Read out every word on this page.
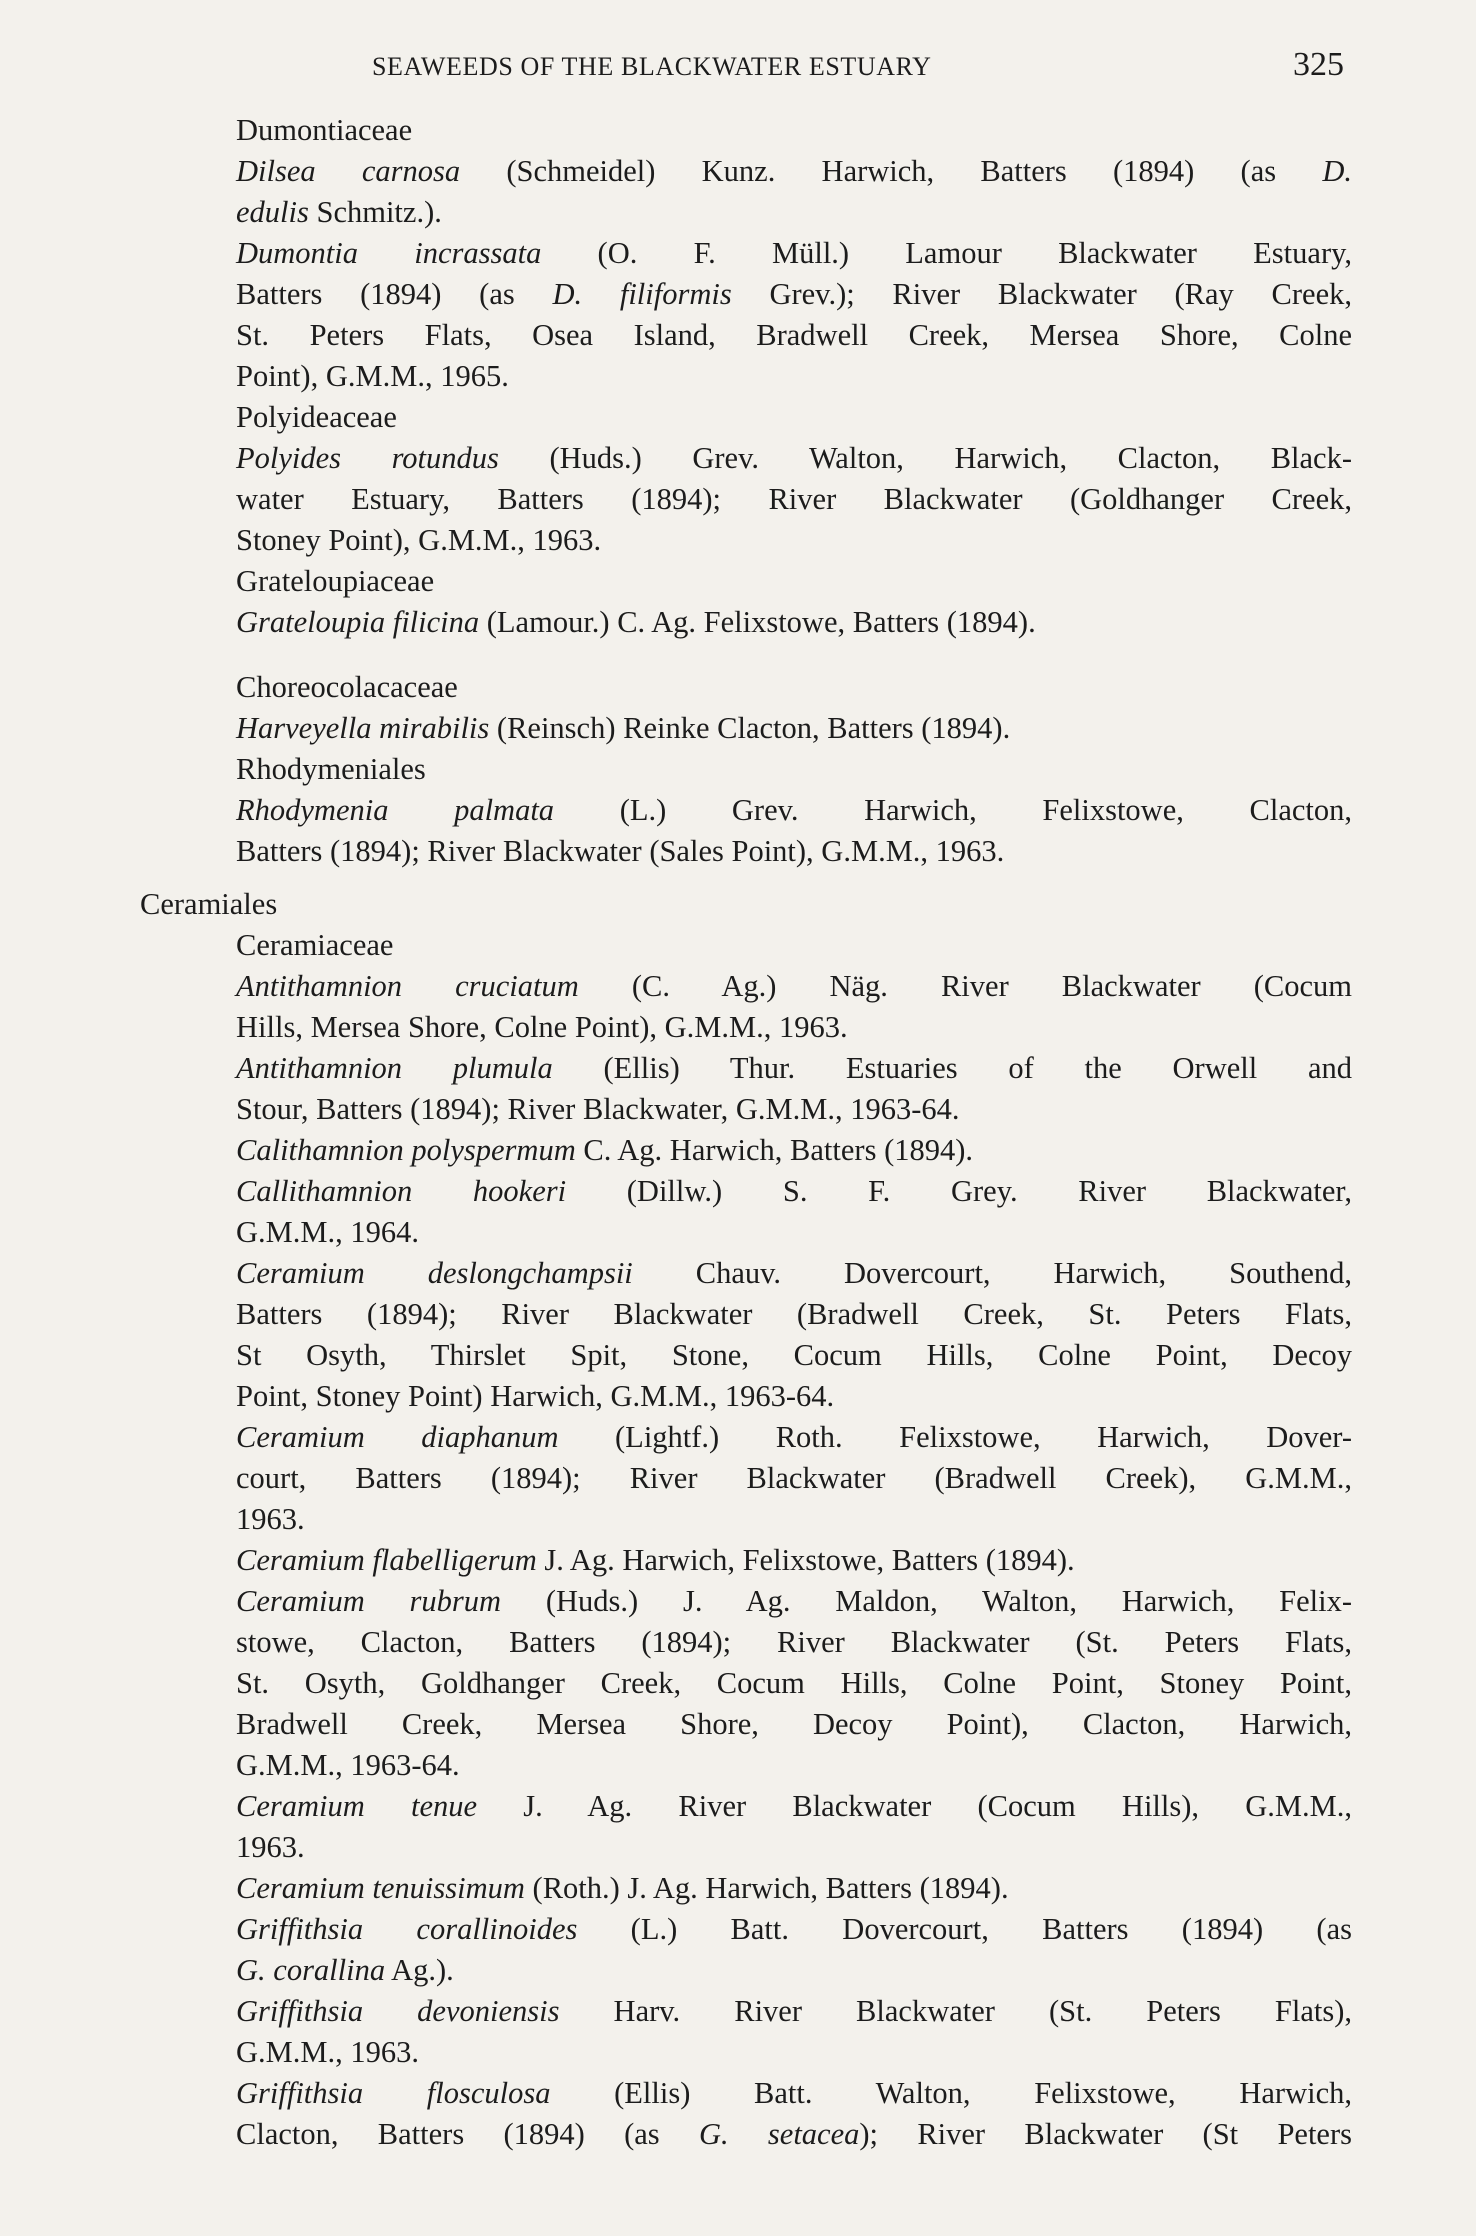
SEAWEEDS OF THE BLACKWATER ESTUARY	325
Dumontiaceae
Dilsea carnosa (Schmeidel) Kunz. Harwich, Batters (1894) (as D.
edulis Schmitz.).
Dumontia incrassata (O. F. Müll.) Lamour Blackwater Estuary,
Batters (1894) (as D. filiformis Grev.); River Blackwater (Ray Creek,
St. Peters Flats, Osea Island, Bradwell Creek, Mersea Shore, Colne
Point), G.M.M., 1965.
Polyideaceae
Polyides rotundus (Huds.) Grev. Walton, Harwich, Clacton, Black-
water Estuary, Batters (1894); River Blackwater (Goldhanger Creek,
Stoney Point), G.M.M., 1963.
Grateloupiaceae
Grateloupia filicina (Lamour.) C. Ag. Felixstowe, Batters (1894).
Choreocolacaceae
Harveyella mirabilis (Reinsch) Reinke Clacton, Batters (1894).
Rhodymeniales
Rhodymenia palmata (L.) Grev. Harwich, Felixstowe, Clacton,
Batters (1894); River Blackwater (Sales Point), G.M.M., 1963.
Ceramiales
Ceramiaceae
Antithamnion cruciatum (C. Ag.) Näg. River Blackwater (Cocum
Hills, Mersea Shore, Colne Point), G.M.M., 1963.
Antithamnion plumula (Ellis) Thur. Estuaries of the Orwell and
Stour, Batters (1894); River Blackwater, G.M.M., 1963-64.
Calithamnion polyspermum C. Ag. Harwich, Batters (1894).
Callithamnion hookeri (Dillw.) S. F. Grey. River Blackwater,
G.M.M., 1964.
Ceramium deslongchampsii Chauv. Dovercourt, Harwich, Southend,
Batters (1894); River Blackwater (Bradwell Creek, St. Peters Flats,
St Osyth, Thirslet Spit, Stone, Cocum Hills, Colne Point, Decoy
Point, Stoney Point) Harwich, G.M.M., 1963-64.
Ceramium diaphanum (Lightf.) Roth. Felixstowe, Harwich, Dover-
court, Batters (1894); River Blackwater (Bradwell Creek), G.M.M.,
1963.
Ceramium flabelligerum J. Ag. Harwich, Felixstowe, Batters (1894).
Ceramium rubrum (Huds.) J. Ag. Maldon, Walton, Harwich, Felix-
stowe, Clacton, Batters (1894); River Blackwater (St. Peters Flats,
St. Osyth, Goldhanger Creek, Cocum Hills, Colne Point, Stoney Point,
Bradwell Creek, Mersea Shore, Decoy Point), Clacton, Harwich,
G.M.M., 1963-64.
Ceramium tenue J. Ag. River Blackwater (Cocum Hills), G.M.M.,
1963.
Ceramium tenuissimum (Roth.) J. Ag. Harwich, Batters (1894).
Griffithsia corallinoides (L.) Batt. Dovercourt, Batters (1894) (as
G. corallina Ag.).
Griffithsia devoniensis Harv. River Blackwater (St. Peters Flats),
G.M.M., 1963.
Griffithsia flosculosa (Ellis) Batt. Walton, Felixstowe, Harwich,
Clacton, Batters (1894) (as G. setacea); River Blackwater (St Peters
